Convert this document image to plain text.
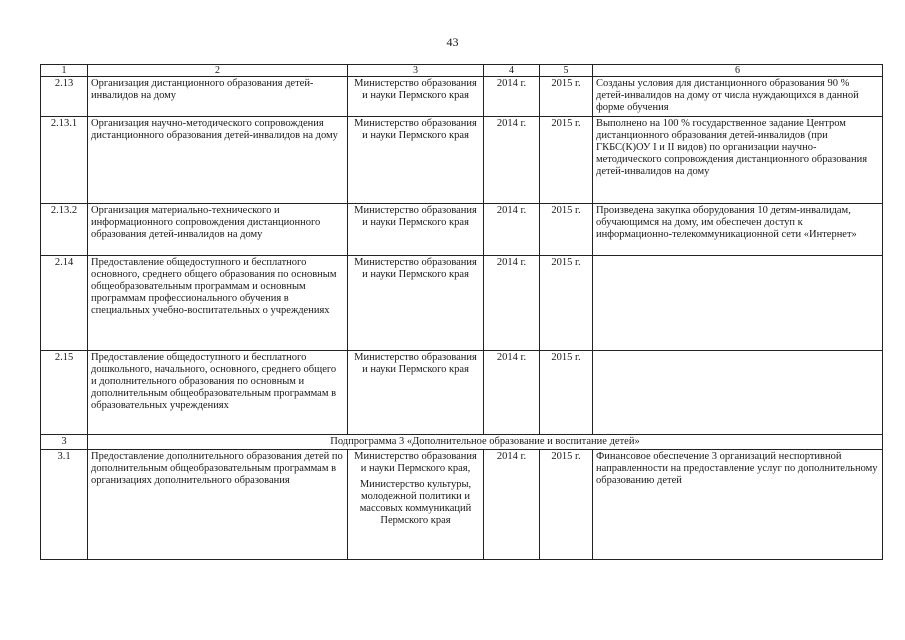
43
1	2	3	4	5	6
2.13	Организация дистанционного образования детей-инвалидов на дому	Министерство образования и науки Пермского края	2014 г.	2015 г.	Созданы условия для дистанционного образования 90 % детей-инвалидов на дому от числа нуждающихся в данной форме обучения
2.13.1	Организация научно-методического сопровождения дистанционного образования детей-инвалидов на дому	Министерство образования и науки Пермского края	2014 г.	2015 г.	Выполнено на 100 % государственное задание Центром дистанционного образования детей-инвалидов (при ГКБС(К)ОУ I и II видов) по организации научно-методического сопровождения дистанционного образования детей-инвалидов на дому
2.13.2	Организация материально-технического и информационного сопровождения дистанционного образования детей-инвалидов на дому	Министерство образования и науки Пермского края	2014 г.	2015 г.	Произведена закупка оборудования 10 детям-инвалидам, обучающимся на дому, им обеспечен доступ к информационно-телекоммуникационной сети «Интернет»
2.14	Предоставление общедоступного и бесплатного основного, среднего общего образования по основным общеобразовательным программам и основным программам профессионального обучения в специальных учебно-воспитательных о учреждениях	Министерство образования и науки Пермского края	2014 г.	2015 г.	
2.15	Предоставление общедоступного и бесплатного дошкольного, начального, основного, среднего общего и дополнительного образования по основным и дополнительным общеобразовательным программам в образовательных учреждениях	Министерство образования и науки Пермского края	2014 г.	2015 г.	
3	Подпрограмма 3 «Дополнительное образование и воспитание детей»				
3.1	Предоставление дополнительного образования детей по дополнительным общеобразовательным программам в организациях дополнительного образования	Министерство образования и науки Пермского края,
Министерство культуры, молодежной политики и массовых коммуникаций Пермского края	2014 г.	2015 г.	Финансовое обеспечение 3 организаций неспортивной направленности на предоставление услуг по дополнительному образованию детей
